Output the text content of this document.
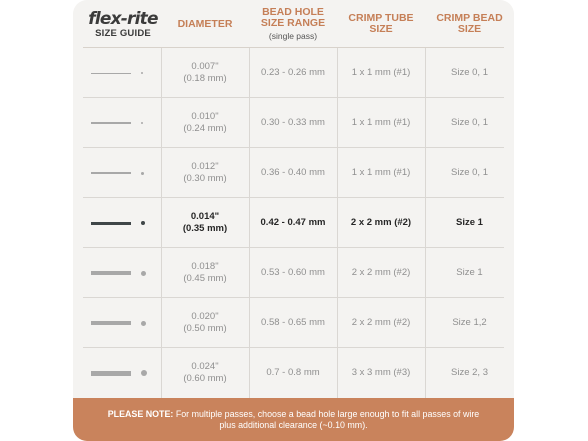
flex-rite
SIZE GUIDE
DIAMETER
BEAD HOLE
SIZE RANGE
(single pass)
CRIMP TUBE
SIZE
CRIMP BEAD
SIZE
0.007"
(0.18 mm)
0.23 - 0.26 mm	1 x 1 mm (#1)	Size 0, 1
0.010"
(0.24 mm)
0.30 - 0.33 mm	1 x 1 mm (#1)	Size 0, 1
0.012"
(0.30 mm)
0.36 - 0.40 mm	1 x 1 mm (#1)	Size 0, 1
0.014"
(0.35 mm)
0.42 - 0.47 mm	2 x 2 mm (#2)	Size 1
0.018"
(0.45 mm)
0.53 - 0.60 mm	2 x 2 mm (#2)	Size 1
0.020"
(0.50 mm)
0.58 - 0.65 mm	2 x 2 mm (#2)	Size 1,2
0.024"
(0.60 mm)
0.7 - 0.8 mm	3 x 3 mm (#3)	Size 2, 3
PLEASE NOTE: For multiple passes, choose a bead hole large enough to fit all passes of wire plus additional clearance (~0.10 mm).
